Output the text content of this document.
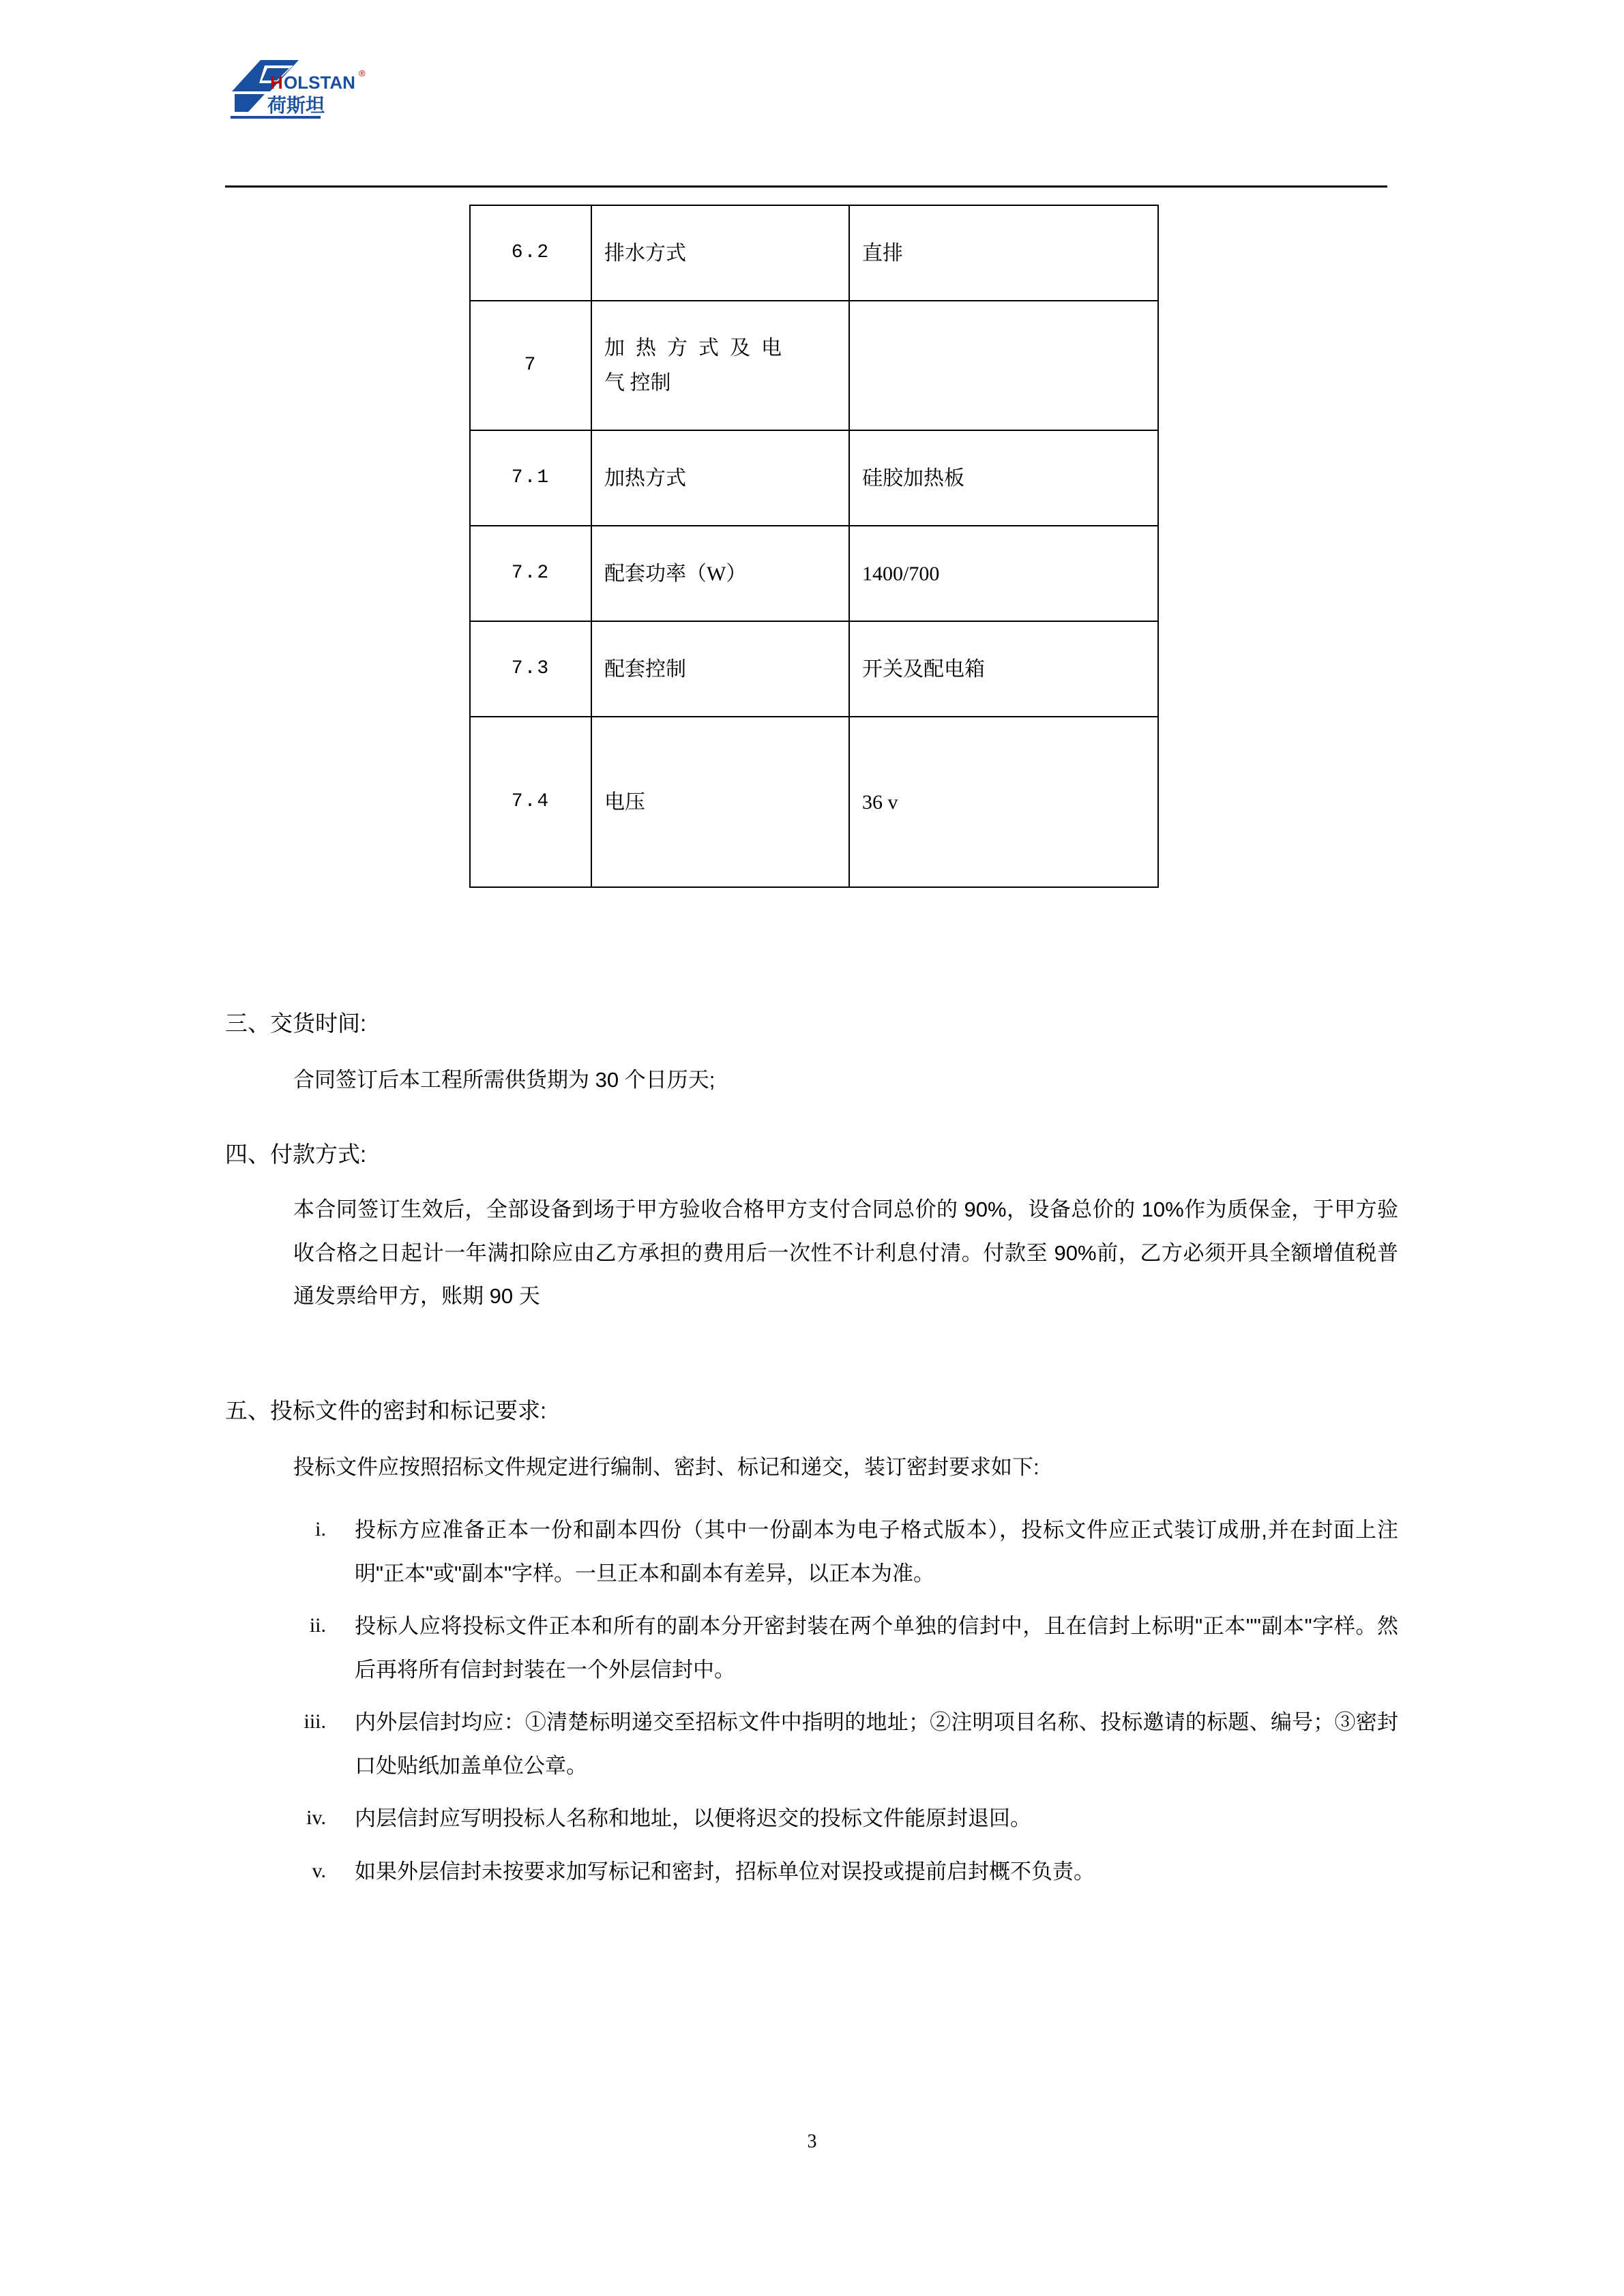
H OLSTAN ®
荷斯坦
6.2	排水方式	直排
7	加热方式及电
气 控制	
7.1	加热方式	硅胶加热板
7.2	配套功率（W）	1400/700
7.3	配套控制	开关及配电箱
7.4	电压	36 v
三、交货时间:
合同签订后本工程所需供货期为 30 个日历天;
四、付款方式:
本合同签订生效后，全部设备到场于甲方验收合格甲方支付合同总价的 90%，设备总价的 10%作为质保金，于甲方验收合格之日起计一年满扣除应由乙方承担的费用后一次性不计利息付清。付款至 90%前，乙方必须开具全额增值税普通发票给甲方，账期 90 天
五、投标文件的密封和标记要求:
投标文件应按照招标文件规定进行编制、密封、标记和递交，装订密封要求如下:
i.	投标方应准备正本一份和副本四份（其中一份副本为电子格式版本），投标文件应正式装订成册,并在封面上注明"正本"或"副本"字样。一旦正本和副本有差异，以正本为准。
ii.	投标人应将投标文件正本和所有的副本分开密封装在两个单独的信封中，且在信封上标明"正本""副本"字样。然后再将所有信封封装在一个外层信封中。
iii.	内外层信封均应：①清楚标明递交至招标文件中指明的地址；②注明项目名称、投标邀请的标题、编号；③密封口处贴纸加盖单位公章。
iv.	内层信封应写明投标人名称和地址，以便将迟交的投标文件能原封退回。
v.	如果外层信封未按要求加写标记和密封，招标单位对误投或提前启封概不负责。
3
